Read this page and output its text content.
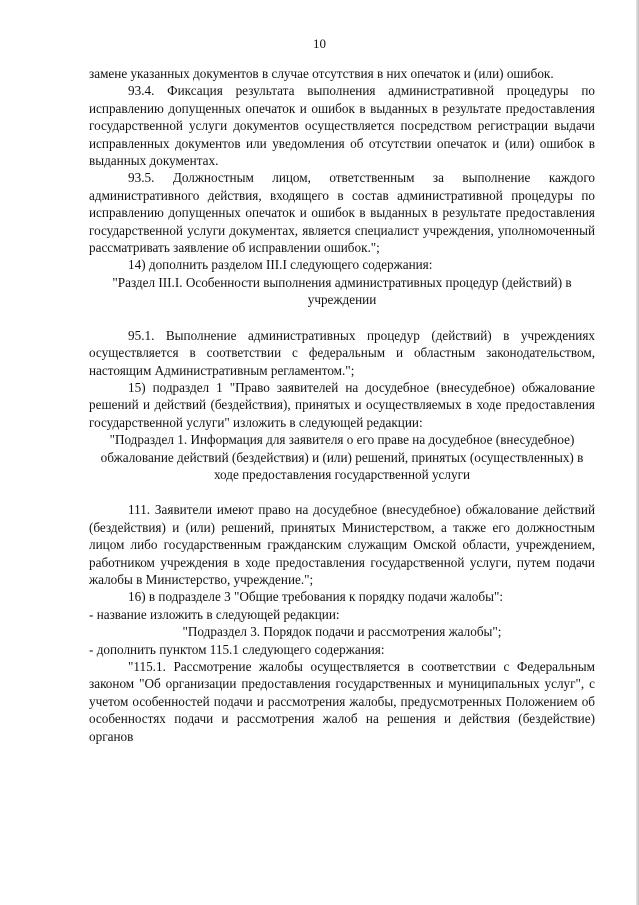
10

замене указанных документов в случае отсутствия в них опечаток и (или) ошибок.

93.4. Фиксация результата выполнения административной процедуры по исправлению допущенных опечаток и ошибок в выданных в результате предоставления государственной услуги документов осуществляется посредством регистрации выдачи исправленных документов или уведомления об отсутствии опечаток и (или) ошибок в выданных документах.

93.5. Должностным лицом, ответственным за выполнение каждого административного действия, входящего в состав административной процедуры по исправлению допущенных опечаток и ошибок в выданных в результате предоставления государственной услуги документах, является специалист учреждения, уполномоченный рассматривать заявление об исправлении ошибок.";

14) дополнить разделом III.I следующего содержания:

"Раздел III.I. Особенности выполнения административных процедур (действий) в учреждении

95.1. Выполнение административных процедур (действий) в учреждениях осуществляется в соответствии с федеральным и областным законодательством, настоящим Административным регламентом.";

15) подраздел 1 "Право заявителей на досудебное (внесудебное) обжалование решений и действий (бездействия), принятых и осуществляемых в ходе предоставления государственной услуги" изложить в следующей редакции:

"Подраздел 1. Информация для заявителя о его праве на досудебное (внесудебное) обжалование действий (бездействия) и (или) решений, принятых (осуществленных) в ходе предоставления государственной услуги

111. Заявители имеют право на досудебное (внесудебное) обжалование действий (бездействия) и (или) решений, принятых Министерством, а также его должностным лицом либо государственным гражданским служащим Омской области, учреждением, работником учреждения в ходе предоставления государственной услуги, путем подачи жалобы в Министерство, учреждение.";

16) в подразделе 3 "Общие требования к порядку подачи жалобы":

- название изложить в следующей редакции:

"Подраздел 3. Порядок подачи и рассмотрения жалобы";

- дополнить пунктом 115.1 следующего содержания:

"115.1. Рассмотрение жалобы осуществляется в соответствии с Федеральным законом "Об организации предоставления государственных и муниципальных услуг", с учетом особенностей подачи и рассмотрения жалобы, предусмотренных Положением об особенностях подачи и рассмотрения жалоб на решения и действия (бездействие) органов
